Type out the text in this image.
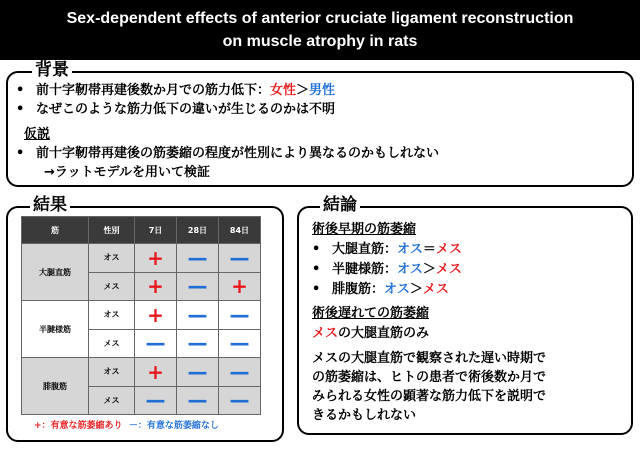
Sex-dependent effects of anterior cruciate ligament reconstruction
on muscle atrophy in rats
背景
• 前十字靭帯再建後数か月での筋力低下：女性＞男性
• なぜこのような筋力低下の違いが生じるのかは不明
仮説
• 前十字靭帯再建後の筋萎縮の程度が性別により異なるのかもしれない
→ラットモデルを用いて検証
結果
筋	性別	7日	28日	84日
大腿直筋	オス	+	—	—
	メス	+	—	+
半腱様筋	オス	+	—	—
	メス	—	—	—
腓腹筋	オス	+	—	—
	メス	—	—	—
+：有意な筋萎縮あり －：有意な筋萎縮なし
結論
術後早期の筋萎縮
• 大腿直筋：オス＝メス
• 半腱様筋：オス＞メス
• 腓腹筋：オス＞メス
術後遅れての筋萎縮
メスの大腿直筋のみ
メスの大腿直筋で観察された遅い時期で
の筋萎縮は、ヒトの患者で術後数か月で
みられる女性の顕著な筋力低下を説明で
きるかもしれない
